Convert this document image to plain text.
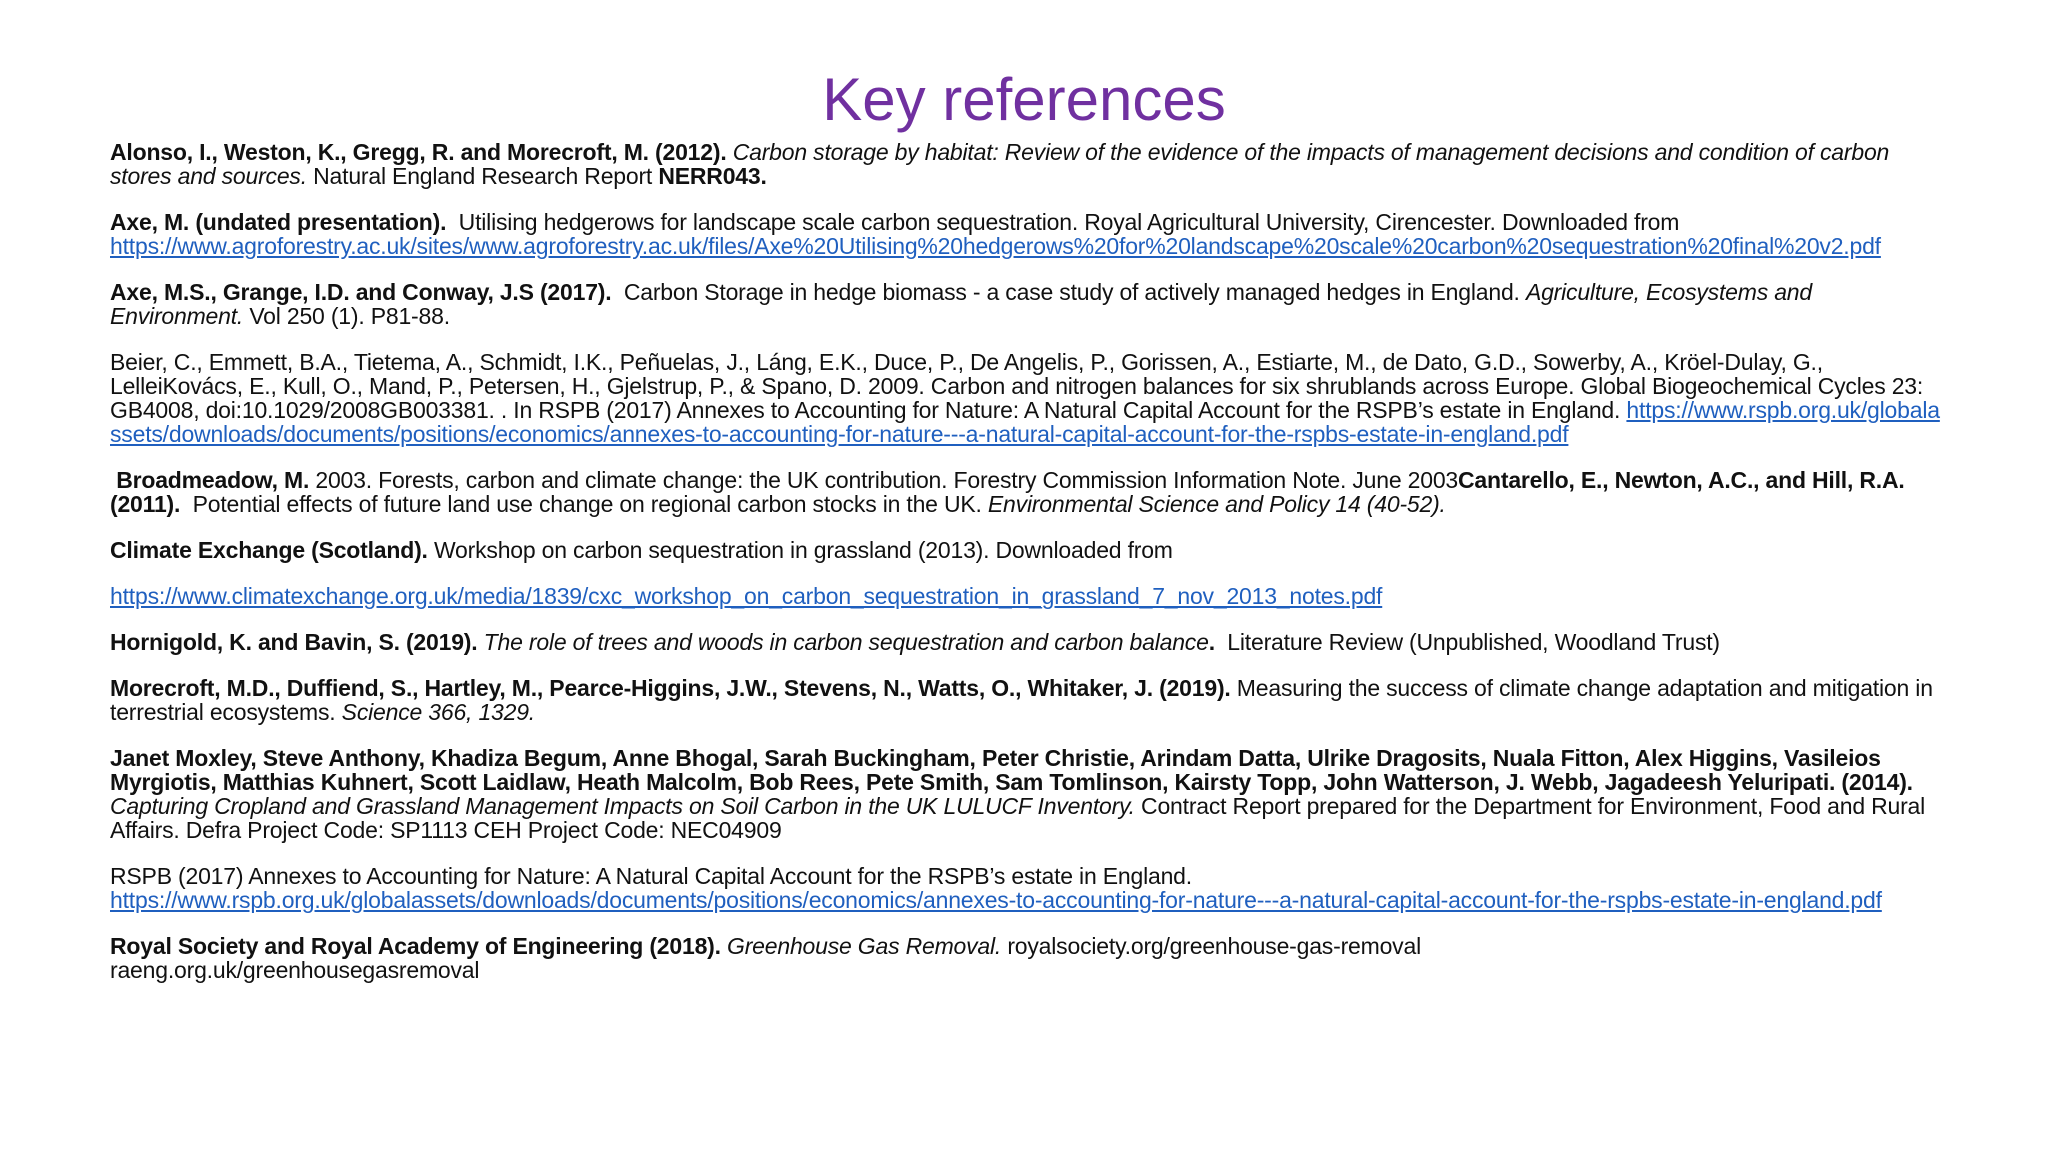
Key references

Alonso, I., Weston, K., Gregg, R. and Morecroft, M. (2012). Carbon storage by habitat: Review of the evidence of the impacts of management decisions and condition of carbon stores and sources. Natural England Research Report NERR043.

Axe, M. (undated presentation). Utilising hedgerows for landscape scale carbon sequestration. Royal Agricultural University, Cirencester. Downloaded from
https://www.agroforestry.ac.uk/sites/www.agroforestry.ac.uk/files/Axe%20Utilising%20hedgerows%20for%20landscape%20scale%20carbon%20sequestration%20final%20v2.pdf

Axe, M.S., Grange, I.D. and Conway, J.S (2017). Carbon Storage in hedge biomass - a case study of actively managed hedges in England. Agriculture, Ecosystems and Environment. Vol 250 (1). P81-88.

Beier, C., Emmett, B.A., Tietema, A., Schmidt, I.K., Peñuelas, J., Láng, E.K., Duce, P., De Angelis, P., Gorissen, A., Estiarte, M., de Dato, G.D., Sowerby, A., Kröel-Dulay, G., LelleiKovács, E., Kull, O., Mand, P., Petersen, H., Gjelstrup, P., & Spano, D. 2009. Carbon and nitrogen balances for six shrublands across Europe. Global Biogeochemical Cycles 23: GB4008, doi:10.1029/2008GB003381. . In RSPB (2017) Annexes to Accounting for Nature: A Natural Capital Account for the RSPB’s estate in England. https://www.rspb.org.uk/globalassets/downloads/documents/positions/economics/annexes-to-accounting-for-nature---a-natural-capital-account-for-the-rspbs-estate-in-england.pdf

Broadmeadow, M. 2003. Forests, carbon and climate change: the UK contribution. Forestry Commission Information Note. June 2003Cantarello, E., Newton, A.C., and Hill, R.A. (2011). Potential effects of future land use change on regional carbon stocks in the UK. Environmental Science and Policy 14 (40-52).

Climate Exchange (Scotland). Workshop on carbon sequestration in grassland (2013). Downloaded from

https://www.climatexchange.org.uk/media/1839/cxc_workshop_on_carbon_sequestration_in_grassland_7_nov_2013_notes.pdf

Hornigold, K. and Bavin, S. (2019). The role of trees and woods in carbon sequestration and carbon balance. Literature Review (Unpublished, Woodland Trust)

Morecroft, M.D., Duffiend, S., Hartley, M., Pearce-Higgins, J.W., Stevens, N., Watts, O., Whitaker, J. (2019). Measuring the success of climate change adaptation and mitigation in terrestrial ecosystems. Science 366, 1329.

Janet Moxley, Steve Anthony, Khadiza Begum, Anne Bhogal, Sarah Buckingham, Peter Christie, Arindam Datta, Ulrike Dragosits, Nuala Fitton, Alex Higgins, Vasileios Myrgiotis, Matthias Kuhnert, Scott Laidlaw, Heath Malcolm, Bob Rees, Pete Smith, Sam Tomlinson, Kairsty Topp, John Watterson, J. Webb, Jagadeesh Yeluripati. (2014). Capturing Cropland and Grassland Management Impacts on Soil Carbon in the UK LULUCF Inventory. Contract Report prepared for the Department for Environment, Food and Rural Affairs. Defra Project Code: SP1113 CEH Project Code: NEC04909

RSPB (2017) Annexes to Accounting for Nature: A Natural Capital Account for the RSPB’s estate in England.
https://www.rspb.org.uk/globalassets/downloads/documents/positions/economics/annexes-to-accounting-for-nature---a-natural-capital-account-for-the-rspbs-estate-in-england.pdf

Royal Society and Royal Academy of Engineering (2018). Greenhouse Gas Removal. royalsociety.org/greenhouse-gas-removal
raeng.org.uk/greenhousegasremoval
